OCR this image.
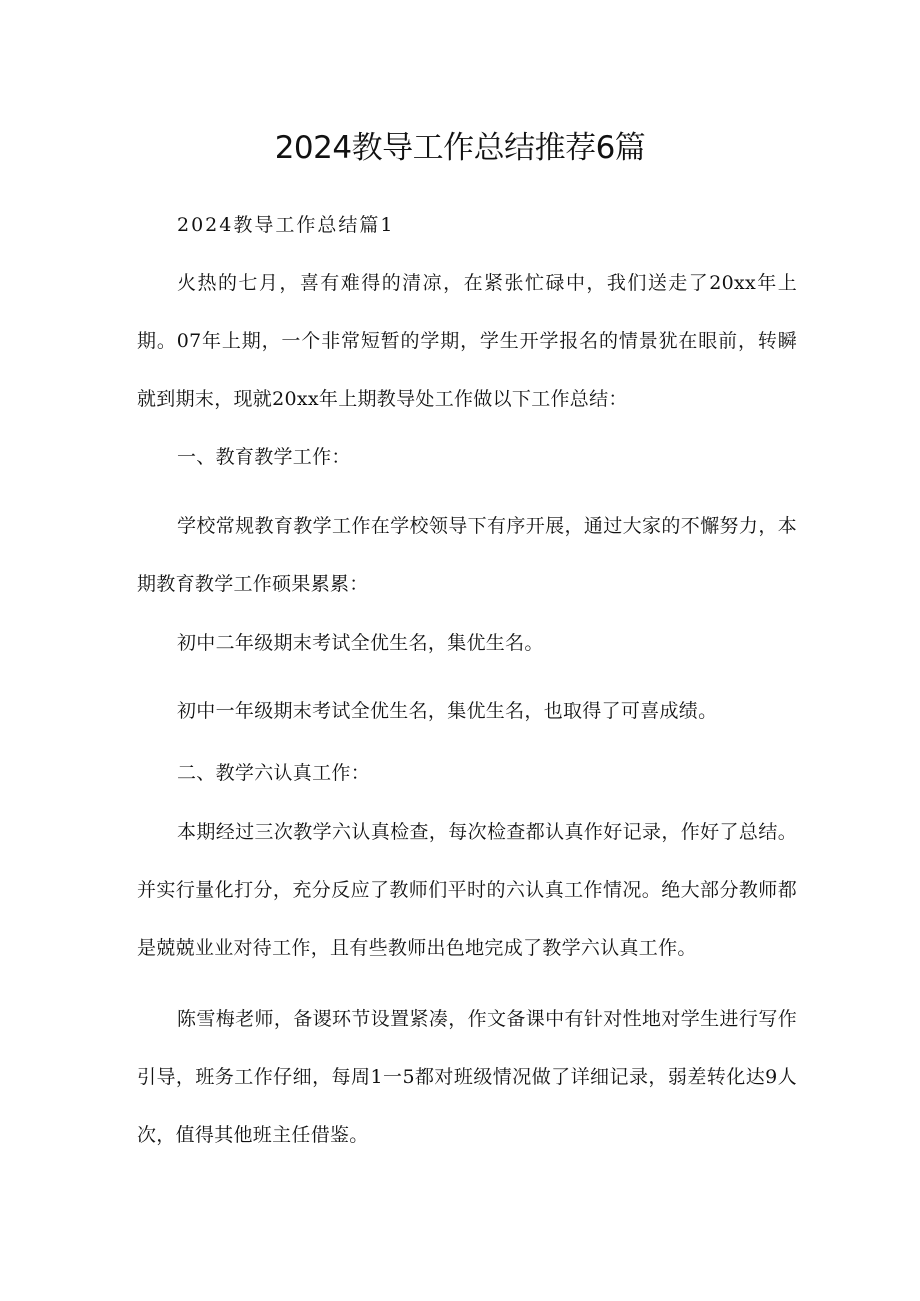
2024教导工作总结推荐6篇

2024教导工作总结篇1

火热的七月，喜有难得的清凉，在紧张忙碌中，我们送走了20xx年上期。07年上期，一个非常短暂的学期，学生开学报名的情景犹在眼前，转瞬就到期末，现就20xx年上期教导处工作做以下工作总结：

一、教育教学工作：

学校常规教育教学工作在学校领导下有序开展，通过大家的不懈努力，本期教育教学工作硕果累累：

初中二年级期末考试全优生名，集优生名。

初中一年级期末考试全优生名，集优生名，也取得了可喜成绩。

二、教学六认真工作：

本期经过三次教学六认真检查，每次检查都认真作好记录，作好了总结。并实行量化打分，充分反应了教师们平时的六认真工作情况。绝大部分教师都是兢兢业业对待工作，且有些教师出色地完成了教学六认真工作。

陈雪梅老师，备谡环节设置紧凑，作文备课中有针对性地对学生进行写作引导，班务工作仔细，每周1一5都对班级情况做了详细记录，弱差转化达9人次，值得其他班主任借鉴。
